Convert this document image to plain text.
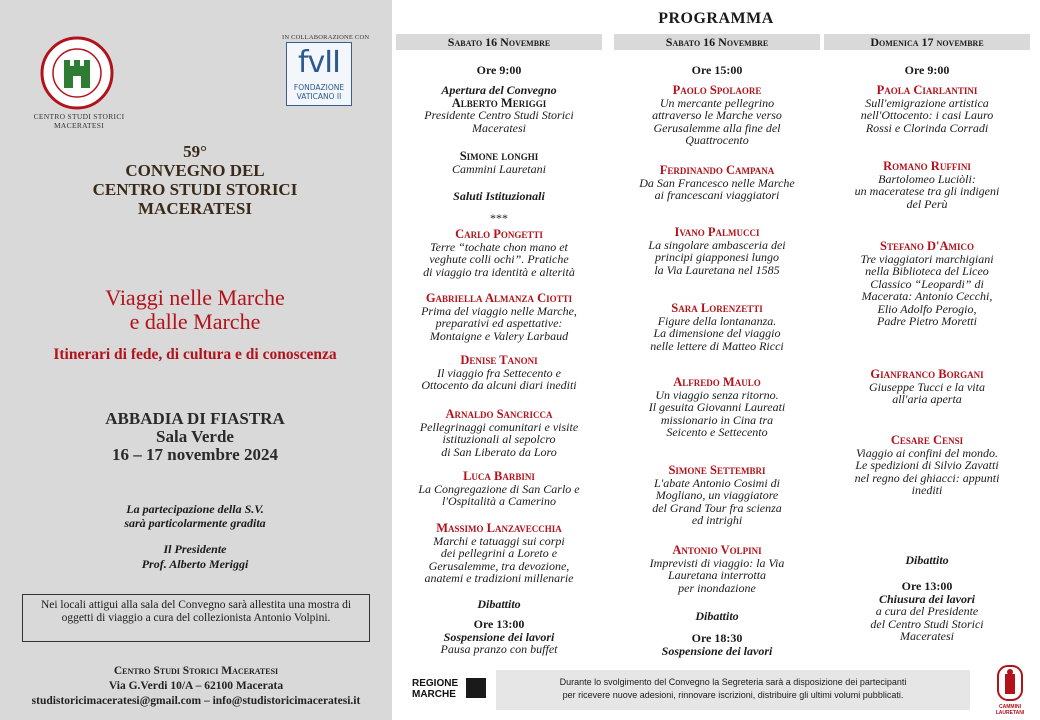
CENTRO STUDI STORICI MACERATESI
IN COLLABORAZIONE CON
fvII
FONDAZIONE
VATICANO II
59°
CONVEGNO DEL
CENTRO STUDI STORICI
MACERATESI
Viaggi nelle Marche
e dalle Marche
Itinerari di fede, di cultura e di conoscenza
ABBADIA DI FIASTRA
Sala Verde
16 – 17 novembre 2024
La partecipazione della S.V.
sarà particolarmente gradita
Il Presidente
Prof. Alberto Meriggi
Nei locali attigui alla sala del Convegno sarà allestita una mostra di oggetti di viaggio a cura del collezionista Antonio Volpini.
Centro Studi Storici Maceratesi
Via G.Verdi 10/A – 62100 Macerata
studistoricimaceratesi@gmail.com – info@studistoricimaceratesi.it
PROGRAMMA
Sabato 16 Novembre
Ore 9:00
Apertura del Convegno
Alberto Meriggi
Presidente Centro Studi Storici
Maceratesi
Simone longhi
Cammini Lauretani
Saluti Istituzionali
***
Carlo Pongetti
Terre “tochate chon mano et
veghute colli ochi”. Pratiche
di viaggio tra identità e alterità
Gabriella Almanza Ciotti
Prima del viaggio nelle Marche,
preparativi ed aspettative:
Montaigne e Valery Larbaud
Denise Tanoni
Il viaggio fra Settecento e
Ottocento da alcuni diari inediti
Arnaldo Sancricca
Pellegrinaggi comunitari e visite
istituzionali al sepolcro
di San Liberato da Loro
Luca Barbini
La Congregazione di San Carlo e
l'Ospitalità a Camerino
Massimo Lanzavecchia
Marchi e tatuaggi sui corpi
dei pellegrini a Loreto e
Gerusalemme, tra devozione,
anatemi e tradizioni millenarie
Dibattito
Ore 13:00
Sospensione dei lavori
Pausa pranzo con buffet
Sabato 16 Novembre
Ore 15:00
Paolo Spolaore
Un mercante pellegrino
attraverso le Marche verso
Gerusalemme alla fine del
Quattrocento
Ferdinando Campana
Da San Francesco nelle Marche
ai francescani viaggiatori
Ivano Palmucci
La singolare ambasceria dei
principi giapponesi lungo
la Via Lauretana nel 1585
Sara Lorenzetti
Figure della lontananza.
La dimensione del viaggio
nelle lettere di Matteo Ricci
Alfredo Maulo
Un viaggio senza ritorno.
Il gesuita Giovanni Laureati
missionario in Cina tra
Seicento e Settecento
Simone Settembri
L'abate Antonio Cosimi di
Mogliano, un viaggiatore
del Grand Tour fra scienza
ed intrighi
Antonio Volpini
Imprevisti di viaggio: la Via
Lauretana interrotta
per inondazione
Dibattito
Ore 18:30
Sospensione dei lavori
Domenica 17 novembre
Ore 9:00
Paola Ciarlantini
Sull'emigrazione artistica
nell'Ottocento: i casi Lauro
Rossi e Clorinda Corradi
Romano Ruffini
Bartolomeo Luciòli:
un maceratese tra gli indigeni
del Perù
Stefano D'Amico
Tre viaggiatori marchigiani
nella Biblioteca del Liceo
Classico “Leopardi” di
Macerata: Antonio Cecchi,
Elio Adolfo Perogio,
Padre Pietro Moretti
Gianfranco Borgani
Giuseppe Tucci e la vita
all'aria aperta
Cesare Censi
Viaggio ai confini del mondo.
Le spedizioni di Silvio Zavatti
nel regno dei ghiacci: appunti
inediti
Dibattito
Ore 13:00
Chiusura dei lavori
a cura del Presidente
del Centro Studi Storici
Maceratesi
REGIONE
MARCHE
Durante lo svolgimento del Convegno la Segreteria sarà a disposizione dei partecipanti
per ricevere nuove adesioni, rinnovare iscrizioni, distribuire gli ultimi volumi pubblicati.
CAMMINI LAURETANI
